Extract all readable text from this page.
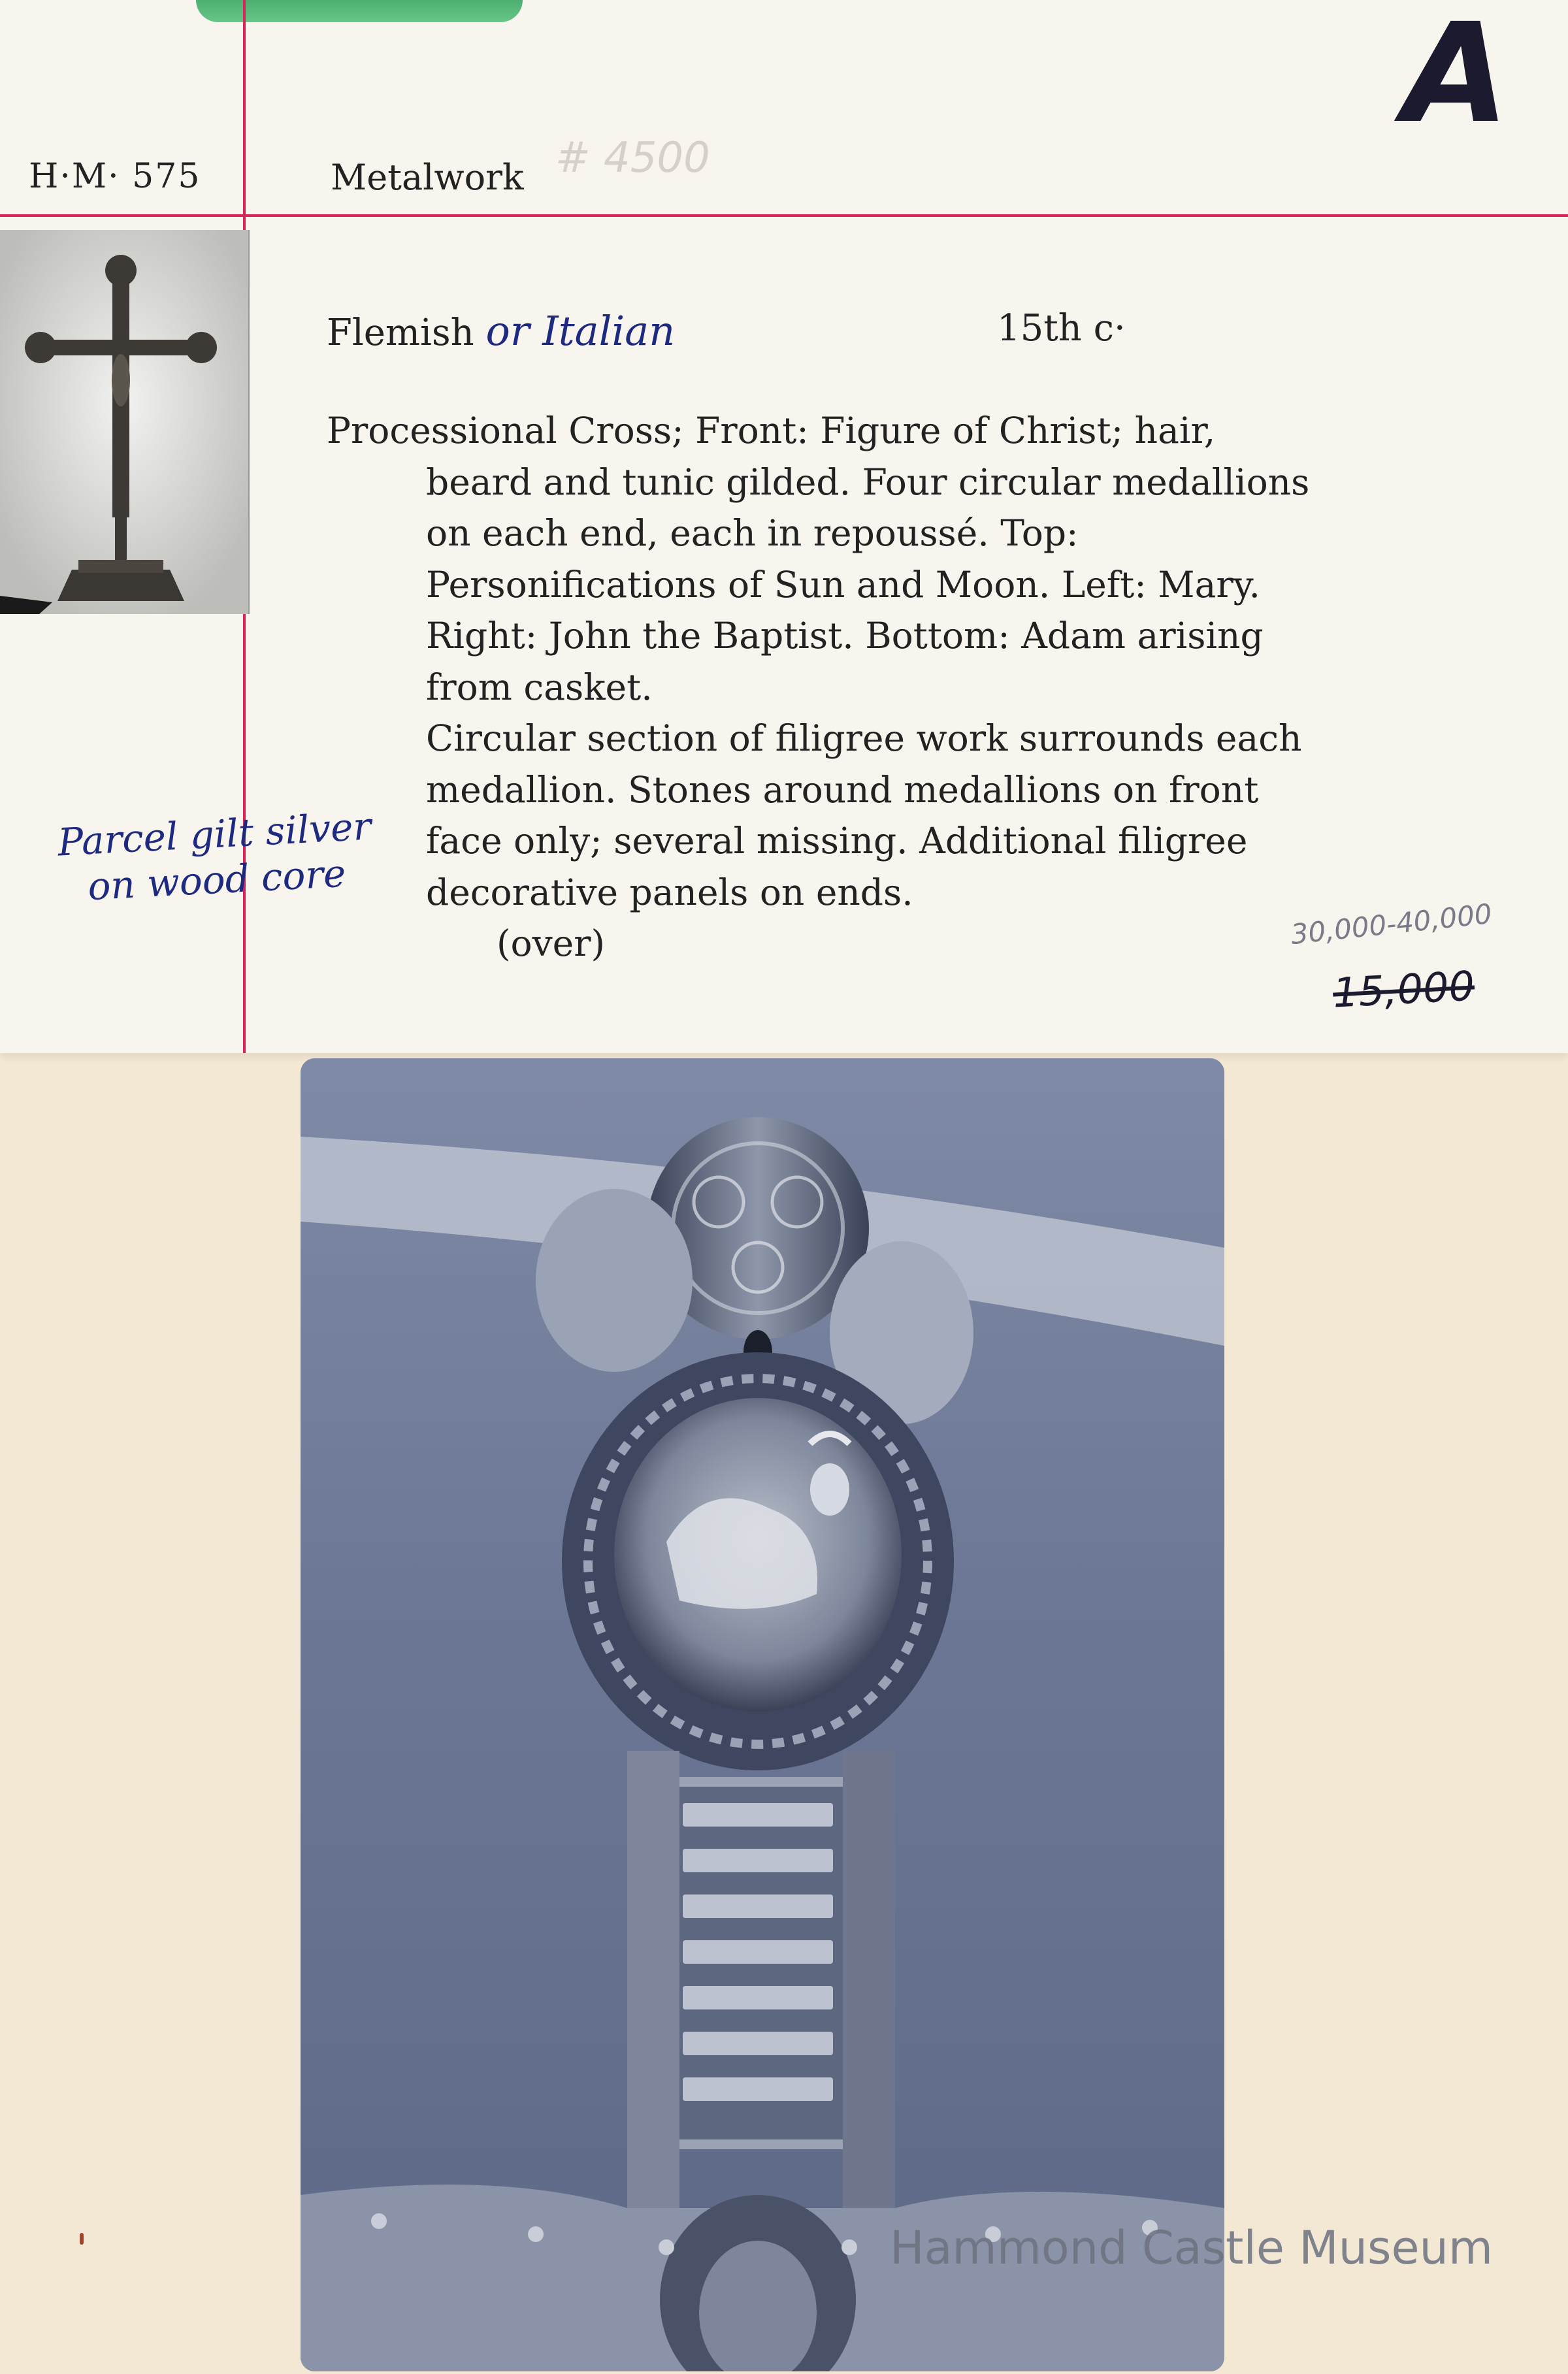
H·M· 575	Metalwork # 4500
A
Flemish or Italian	15th c·
Processional Cross; Front: Figure of Christ; hair,
beard and tunic gilded. Four circular medallions
on each end, each in repoussé. Top:
Personifications of Sun and Moon. Left: Mary.
Right: John the Baptist. Bottom: Adam arising
from casket.
Circular section of filigree work surrounds each
medallion. Stones around medallions on front
face only; several missing. Additional filigree
decorative panels on ends.
(over)
Parcel gilt silver
on wood core
30,000-40,000
15,000
Hammond Castle Museum
